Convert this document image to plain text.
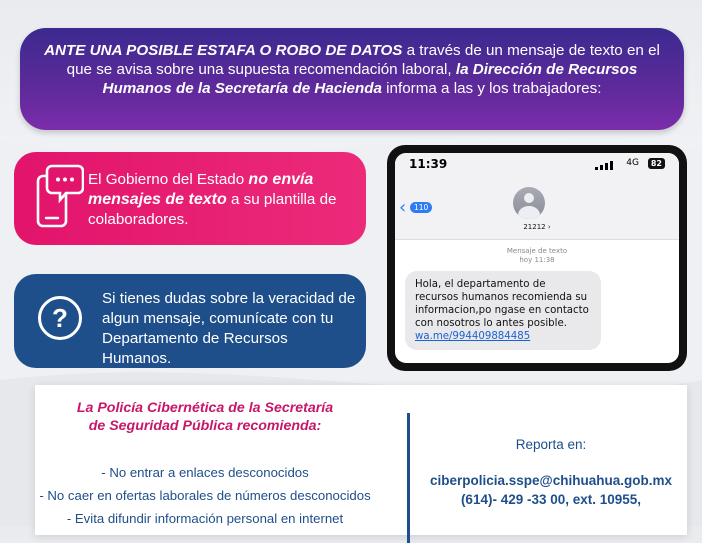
ANTE UNA POSIBLE ESTAFA O ROBO DE DATOS a través de un mensaje de texto en el que se avisa sobre una supuesta recomendación laboral, la Dirección de Recursos Humanos de la Secretaría de Hacienda informa a las y los trabajadores:
El Gobierno del Estado no envía mensajes de texto a su plantilla de colaboradores.
?
Si tienes dudas sobre la veracidad de algun mensaje, comunícate con tu Departamento de Recursos Humanos.
11:39	4G	82
‹	110
21212 ›
Mensaje de texto
hoy 11:38
Hola, el departamento de recursos humanos recomienda su informacion,po ngase en contacto con nosotros lo antes posible.
wa.me/994409884485
La Policía Cibernética de la Secretaría
de Seguridad Pública recomienda:
- No entrar a enlaces desconocidos
- No caer en ofertas laborales de números desconocidos
- Evita difundir información personal en internet
Reporta en:
ciberpolicia.sspe@chihuahua.gob.mx
(614)- 429 -33 00, ext. 10955,
